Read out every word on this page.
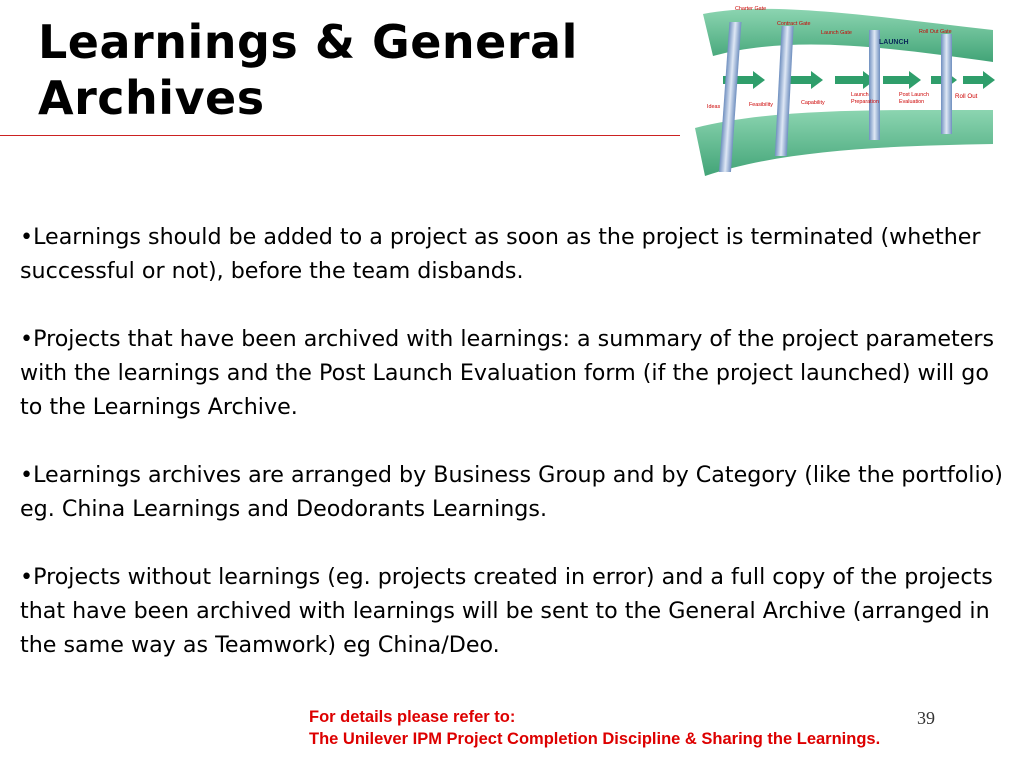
Learnings & General
Archives
Charter Gate
Contract Gate
Launch Gate	Roll Out Gate
Ideas	Feasibility	Capability
Launch
Preparation
Post Launch
Evaluation
Roll Out
LAUNCH

•Learnings should be added to a project as soon as the project is terminated (whether successful or not), before the team disbands.

•Projects that have been archived with learnings: a summary of the project parameters with the learnings and the Post Launch Evaluation form (if the project launched) will go to the Learnings Archive.

•Learnings archives are arranged by Business Group and by Category (like the portfolio) eg. China Learnings and Deodorants Learnings.

•Projects without learnings (eg. projects created in error) and a full copy of the projects that have been archived with learnings will be sent to the General Archive (arranged in the same way as Teamwork) eg China/Deo.

For details please refer to:
The Unilever IPM Project Completion Discipline & Sharing the Learnings.
39
